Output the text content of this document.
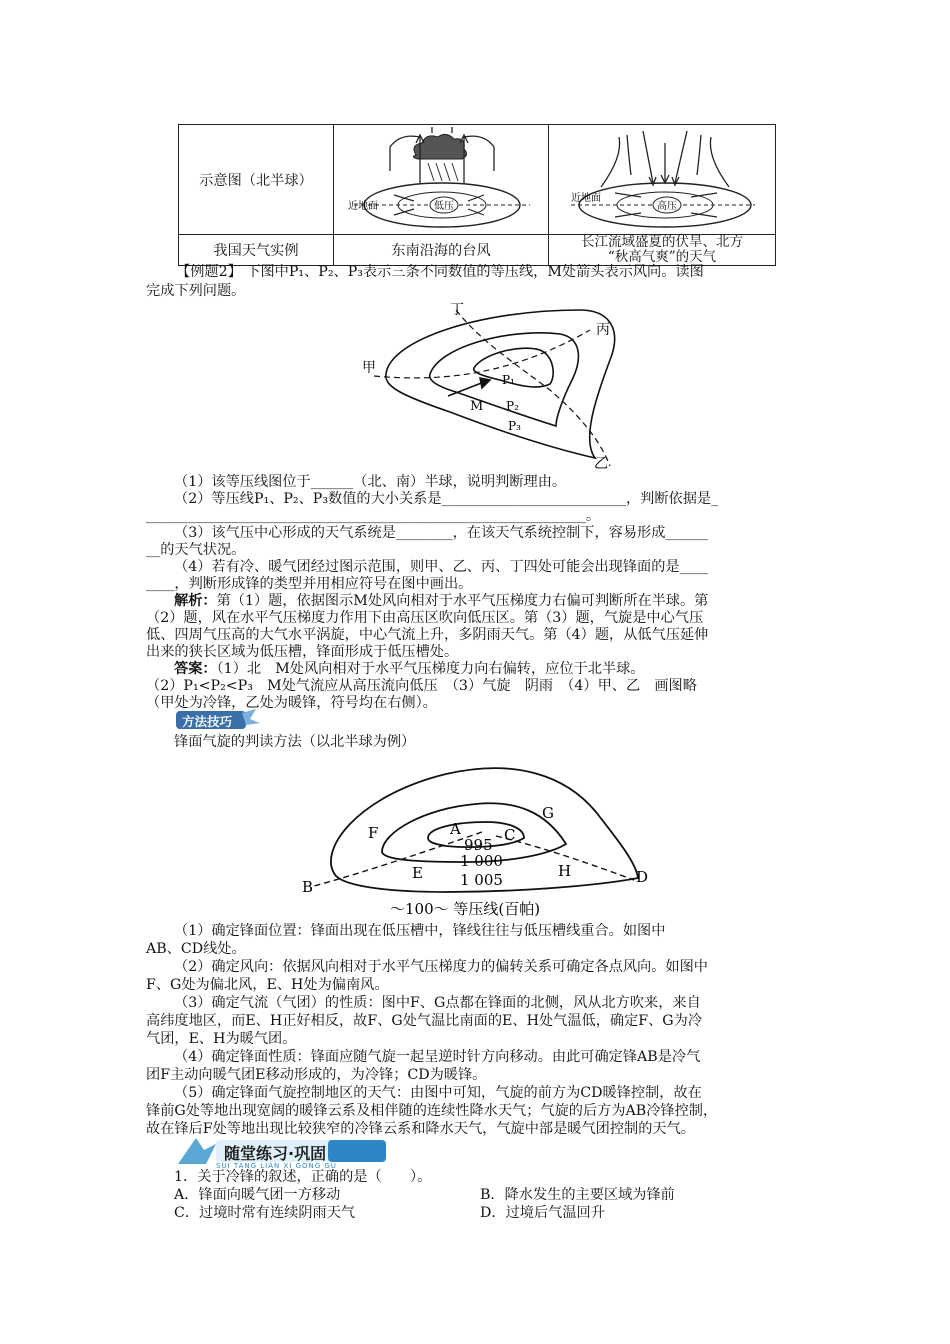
示意图（北半球）	近地面 低压	近地面
高压

我国天气实例	东南沿海的台风	长江流域盛夏的伏旱、北方
“秋高气爽”的天气
【例题2】 下图中P₁、P₂、P₃表示三条不同数值的等压线，M处箭头表示风向。读图
完成下列问题。
丁
丙
甲
乙
P₁
P₂
P₃
M
（1）该等压线图位于______（北、南）半球，说明判断理由。
（2）等压线P₁、P₂、P₃数值的大小关系是__________________________，判断依据是_
______________________________________________________________。
（3）该气压中心形成的天气系统是________，在该天气系统控制下，容易形成______
__的天气状况。
（4）若有冷、暖气团经过图示范围，则甲、乙、丙、丁四处可能会出现锋面的是____
____，判断形成锋的类型并用相应符号在图中画出。
解析：第（1）题，依据图示M处风向相对于水平气压梯度力右偏可判断所在半球。第
（2）题，风在水平气压梯度力作用下由高压区吹向低压区。第（3）题，气旋是中心气压
低、四周气压高的大气水平涡旋，中心气流上升，多阴雨天气。第（4）题，从低气压延伸
出来的狭长区域为低压槽，锋面形成于低压槽处。
答案：（1）北　M处风向相对于水平气压梯度力向右偏转，应位于北半球。
（2）P₁<P₂<P₃　M处气流应从高压流向低压　（3）气旋　阴雨　（4）甲、乙　画图略
（甲处为冷锋，乙处为暖锋，符号均在右侧）。
方法技巧
锋面气旋的判读方法（以北半球为例）
A
B
C
D
E
F
G
H
995
1 000
1 005
～100～ 等压线(百帕)
（1）确定锋面位置：锋面出现在低压槽中，锋线往往与低压槽线重合。如图中
AB、CD线处。
（2）确定风向：依据风向相对于水平气压梯度力的偏转关系可确定各点风向。如图中
F、G处为偏北风，E、H处为偏南风。
（3）确定气流（气团）的性质：图中F、G点都在锋面的北侧，风从北方吹来，来自
高纬度地区，而E、H正好相反，故F、G处气温比南面的E、H处气温低，确定F、G为冷
气团，E、H为暖气团。
（4）确定锋面性质：锋面应随气旋一起呈逆时针方向移动。由此可确定锋AB是冷气
团F主动向暖气团E移动形成的，为冷锋；CD为暖锋。
（5）确定锋面气旋控制地区的天气：由图中可知，气旋的前方为CD暖锋控制，故在
锋前G处等地出现宽阔的暖锋云系及相伴随的连续性降水天气；气旋的后方为AB冷锋控制，
故在锋后F处等地出现比较狭窄的冷锋云系和降水天气，气旋中部是暖气团控制的天气。
随堂练习·巩固
SUI TANG LIAN XI GONG GU
1．关于冷锋的叙述，正确的是（　　）。
A．锋面向暖气团一方移动	B．降水发生的主要区域为锋前
C．过境时常有连续阴雨天气	D．过境后气温回升
